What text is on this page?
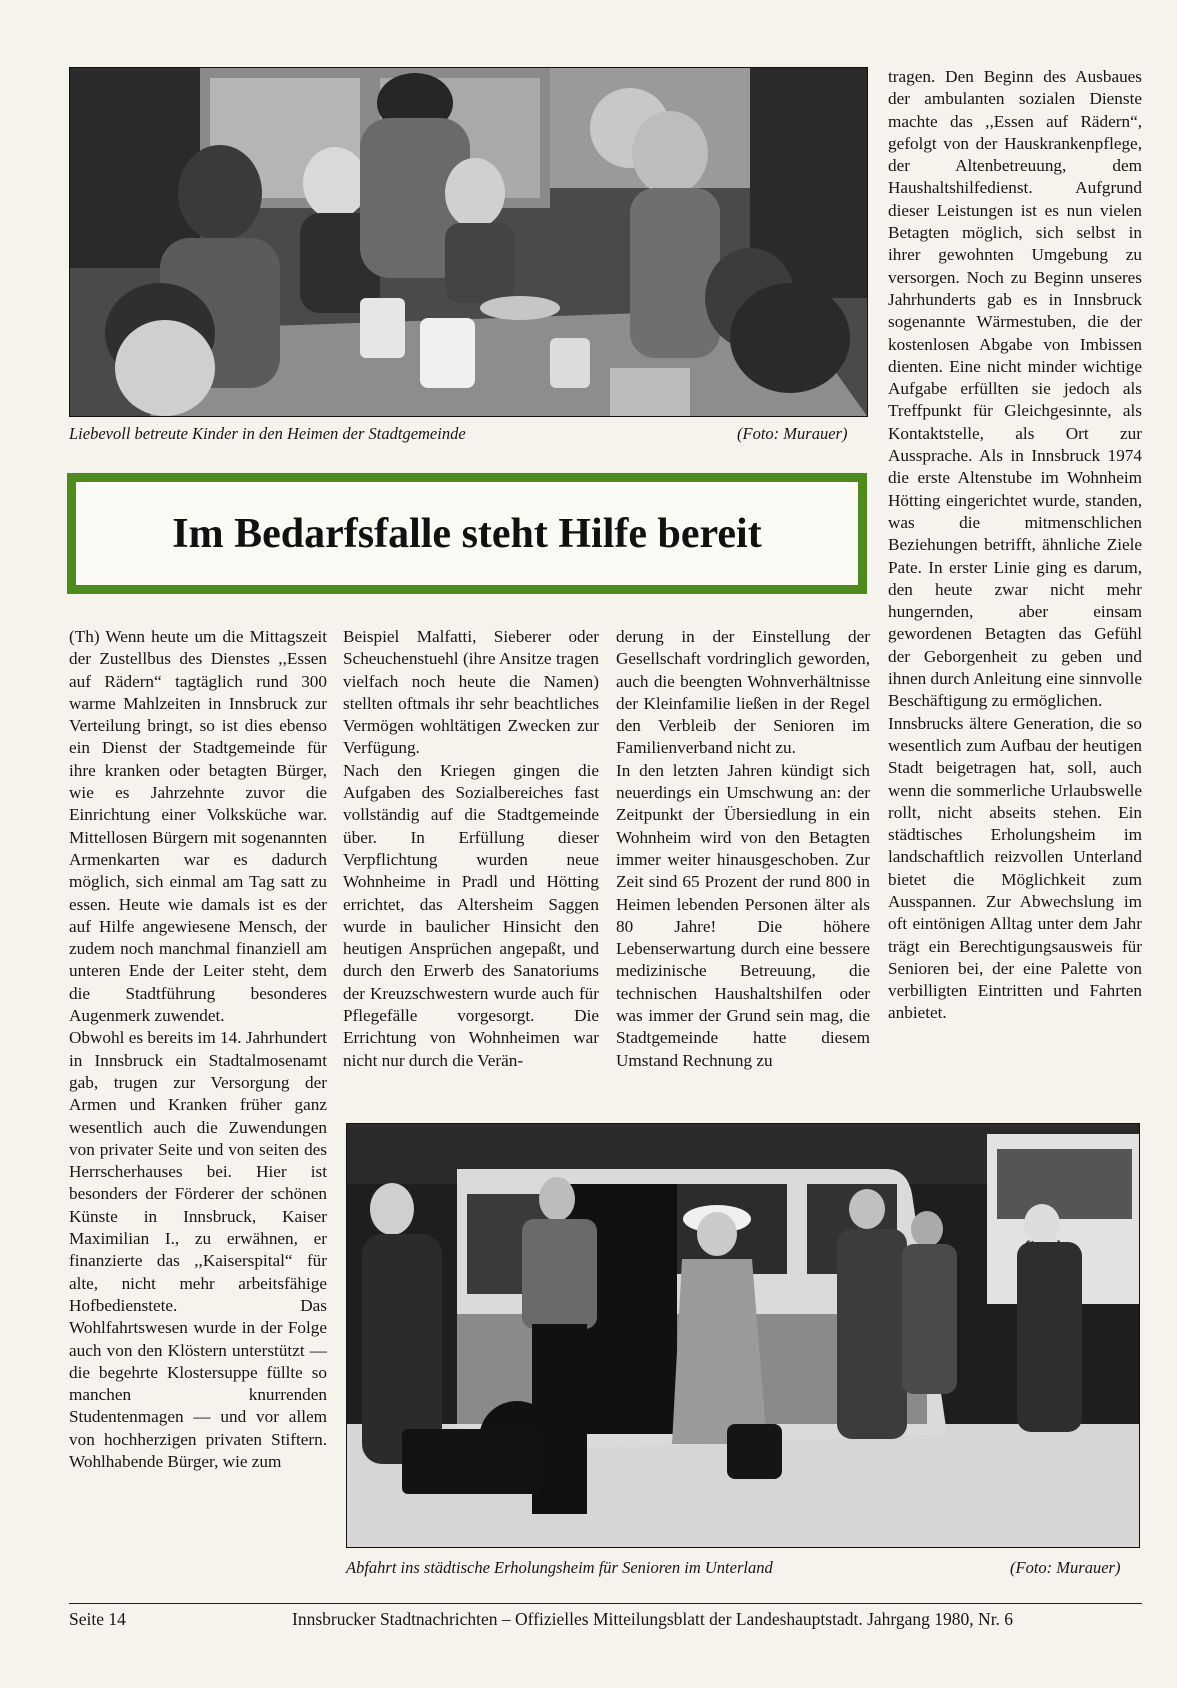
Liebevoll betreute Kinder in den Heimen der Stadtgemeinde	(Foto: Murauer)
Im Bedarfsfalle steht Hilfe bereit

(Th) Wenn heute um die Mittagszeit der Zustellbus des Dienstes ,,Essen auf Rädern“ tagtäglich rund 300 warme Mahlzeiten in Innsbruck zur Verteilung bringt, so ist dies ebenso ein Dienst der Stadtgemeinde für ihre kranken oder betagten Bürger, wie es Jahrzehnte zuvor die Einrichtung einer Volksküche war. Mittellosen Bürgern mit sogenannten Armenkarten war es dadurch möglich, sich einmal am Tag satt zu essen. Heute wie damals ist es der auf Hilfe angewiesene Mensch, der zudem noch manchmal finanziell am unteren Ende der Leiter steht, dem die Stadtführung besonderes Augenmerk zuwendet.

Obwohl es bereits im 14. Jahrhundert in Innsbruck ein Stadtalmosenamt gab, trugen zur Versorgung der Armen und Kranken früher ganz wesentlich auch die Zuwendungen von privater Seite und von seiten des Herrscherhauses bei. Hier ist besonders der Förderer der schönen Künste in Innsbruck, Kaiser Maximilian I., zu erwähnen, er finanzierte das ,,Kaiserspital“ für alte, nicht mehr arbeitsfähige Hofbedienstete. Das Wohlfahrtswesen wurde in der Folge auch von den Klöstern unterstützt — die begehrte Klostersuppe füllte so manchen knurrenden Studentenmagen — und vor allem von hochherzigen privaten Stiftern. Wohlhabende Bürger, wie zum

Beispiel Malfatti, Sieberer oder Scheuchenstuehl (ihre Ansitze tragen vielfach noch heute die Namen) stellten oftmals ihr sehr beachtliches Vermögen wohltätigen Zwecken zur Verfügung.

Nach den Kriegen gingen die Aufgaben des Sozialbereiches fast vollständig auf die Stadtgemeinde über. In Erfüllung dieser Verpflichtung wurden neue Wohnheime in Pradl und Hötting errichtet, das Altersheim Saggen wurde in baulicher Hinsicht den heutigen Ansprüchen angepaßt, und durch den Erwerb des Sanatoriums der Kreuzschwestern wurde auch für Pflegefälle vorgesorgt. Die Errichtung von Wohnheimen war nicht nur durch die Verän-

derung in der Einstellung der Gesellschaft vordringlich geworden, auch die beengten Wohnverhältnisse der Kleinfamilie ließen in der Regel den Verbleib der Senioren im Familienverband nicht zu.

In den letzten Jahren kündigt sich neuerdings ein Umschwung an: der Zeitpunkt der Übersiedlung in ein Wohnheim wird von den Betagten immer weiter hinausgeschoben. Zur Zeit sind 65 Prozent der rund 800 in Heimen lebenden Personen älter als 80 Jahre! Die höhere Lebenserwartung durch eine bessere medizinische Betreuung, die technischen Haushaltshilfen oder was immer der Grund sein mag, die Stadtgemeinde hatte diesem Umstand Rechnung zu

tragen. Den Beginn des Ausbaues der ambulanten sozialen Dienste machte das ,,Essen auf Rädern“, gefolgt von der Hauskrankenpflege, der Altenbetreuung, dem Haushaltshilfedienst. Aufgrund dieser Leistungen ist es nun vielen Betagten möglich, sich selbst in ihrer gewohnten Umgebung zu versorgen. Noch zu Beginn unseres Jahrhunderts gab es in Innsbruck sogenannte Wärmestuben, die der kostenlosen Abgabe von Imbissen dienten. Eine nicht minder wichtige Aufgabe erfüllten sie jedoch als Treffpunkt für Gleichgesinnte, als Kontaktstelle, als Ort zur Aussprache. Als in Innsbruck 1974 die erste Altenstube im Wohnheim Hötting eingerichtet wurde, standen, was die mitmenschlichen Beziehungen betrifft, ähnliche Ziele Pate. In erster Linie ging es darum, den heute zwar nicht mehr hungernden, aber einsam gewordenen Betagten das Gefühl der Geborgenheit zu geben und ihnen durch Anleitung eine sinnvolle Beschäftigung zu ermöglichen.

Innsbrucks ältere Generation, die so wesentlich zum Aufbau der heutigen Stadt beigetragen hat, soll, auch wenn die sommerliche Urlaubswelle rollt, nicht abseits stehen. Ein städtisches Erholungsheim im landschaftlich reizvollen Unterland bietet die Möglichkeit zum Ausspannen. Zur Abwechslung im oft eintönigen Alltag unter dem Jahr trägt ein Berechtigungsausweis für Senioren bei, der eine Palette von verbilligten Eintritten und Fahrten anbietet.

Abfahrt ins städtische Erholungsheim für Senioren im Unterland	(Foto: Murauer)
Seite 14	Innsbrucker Stadtnachrichten – Offizielles Mitteilungsblatt der Landeshauptstadt. Jahrgang 1980, Nr. 6
